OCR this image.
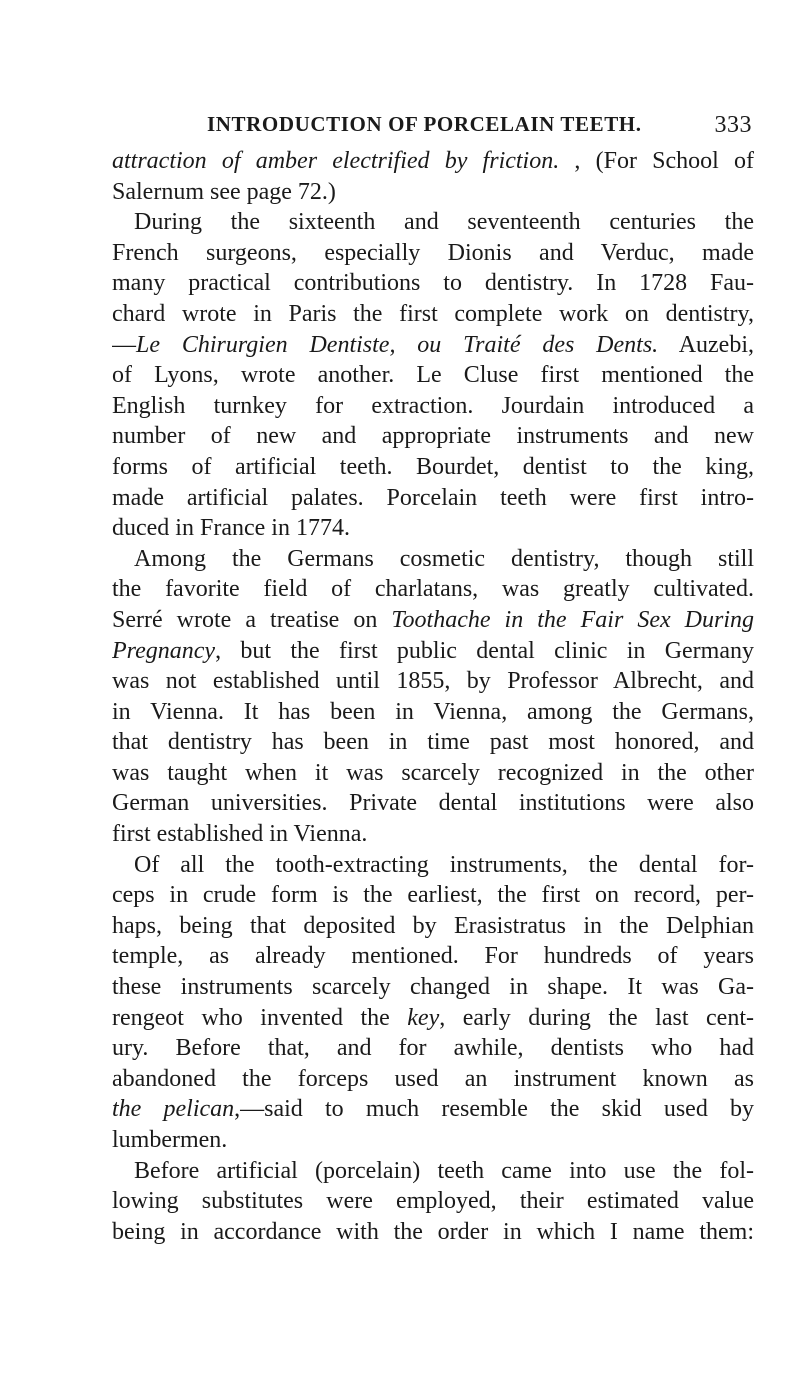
INTRODUCTION OF PORCELAIN TEETH.	333
attraction of amber electrified by friction. , (For School of
Salernum see page 72.)
During the sixteenth and seventeenth centuries the
French surgeons, especially Dionis and Verduc, made
many practical contributions to dentistry. In 1728 Fau-
chard wrote in Paris the first complete work on dentistry,
—Le Chirurgien Dentiste, ou Traité des Dents. Auzebi,
of Lyons, wrote another. Le Cluse first mentioned the
English turnkey for extraction. Jourdain introduced a
number of new and appropriate instruments and new
forms of artificial teeth. Bourdet, dentist to the king,
made artificial palates. Porcelain teeth were first intro-
duced in France in 1774.
Among the Germans cosmetic dentistry, though still
the favorite field of charlatans, was greatly cultivated.
Serré wrote a treatise on Toothache in the Fair Sex During
Pregnancy, but the first public dental clinic in Germany
was not established until 1855, by Professor Albrecht, and
in Vienna. It has been in Vienna, among the Germans,
that dentistry has been in time past most honored, and
was taught when it was scarcely recognized in the other
German universities. Private dental institutions were also
first established in Vienna.
Of all the tooth-extracting instruments, the dental for-
ceps in crude form is the earliest, the first on record, per-
haps, being that deposited by Erasistratus in the Delphian
temple, as already mentioned. For hundreds of years
these instruments scarcely changed in shape. It was Ga-
rengeot who invented the key, early during the last cent-
ury. Before that, and for awhile, dentists who had
abandoned the forceps used an instrument known as
the pelican,—said to much resemble the skid used by
lumbermen.
Before artificial (porcelain) teeth came into use the fol-
lowing substitutes were employed, their estimated value
being in accordance with the order in which I name them:
